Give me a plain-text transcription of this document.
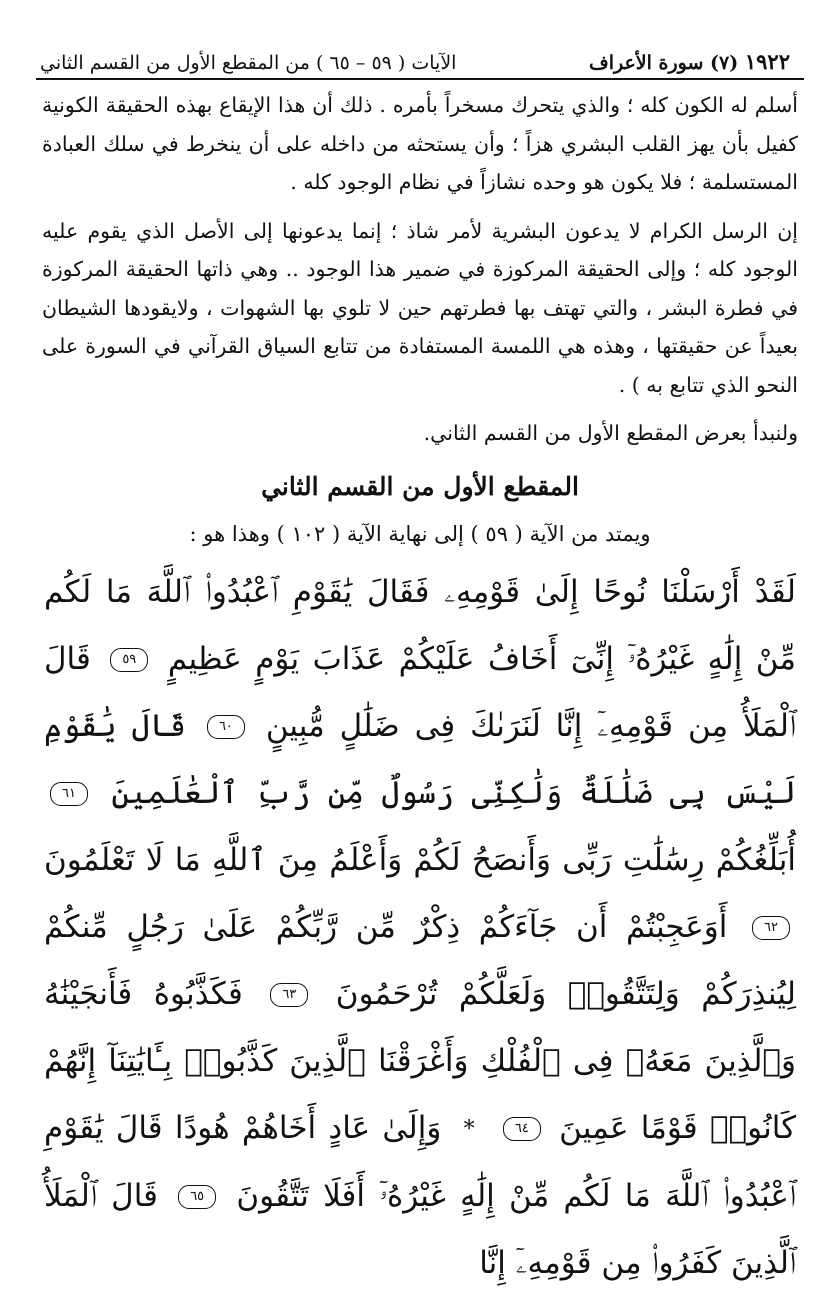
١٩٢٢ (٧) سورة الأعراف
الآيات ( ٥٩ – ٦٥ ) من المقطع الأول من القسم الثاني

أسلم له الكون كله ؛ والذي يتحرك مسخراً بأمره . ذلك أن هذا الإيقاع بهذه الحقيقة الكونية كفيل بأن يهز القلب البشري هزاً ؛ وأن يستحثه من داخله على أن ينخرط في سلك العبادة المستسلمة ؛ فلا يكون هو وحده نشازاً في نظام الوجود كله .

إن الرسل الكرام لا يدعون البشرية لأمر شاذ ؛ إنما يدعونها إلى الأصل الذي يقوم عليه الوجود كله ؛ وإلى الحقيقة المركوزة في ضمير هذا الوجود .. وهي ذاتها الحقيقة المركوزة في فطرة البشر ، والتي تهتف بها فطرتهم حين لا تلوي بها الشهوات ، ولايقودها الشيطان بعيداً عن حقيقتها ، وهذه هي اللمسة المستفادة من تتابع السياق القرآني في السورة على النحو الذي تتابع به ) .

ولنبدأ بعرض المقطع الأول من القسم الثاني.

المقطع الأول من القسم الثاني
ويمتد من الآية ( ٥٩ ) إلى نهاية الآية ( ١٠٢ ) وهذا هو :
لَقَدْ أَرْسَلْنَا نُوحًا إِلَىٰ قَوْمِهِۦ فَقَالَ يَٰقَوْمِ ٱعْبُدُوا۟ ٱللَّهَ مَا لَكُم مِّنْ إِلَٰهٍ غَيْرُهُۥٓ إِنِّىٓ أَخَافُ عَلَيْكُمْ عَذَابَ يَوْمٍ عَظِيمٍ ٥٩ قَالَ ٱلْمَلَأُ مِن قَوْمِهِۦٓ إِنَّا لَنَرَىٰكَ فِى ضَلَٰلٍ مُّبِينٍ ٦٠ قَالَ يَٰقَوْمِ لَيْسَ بِى ضَلَٰلَةٌ وَلَٰكِنِّى رَسُولٌ مِّن رَّبِّ ٱلْعَٰلَمِينَ ٦١ أُبَلِّغُكُمْ رِسَٰلَٰتِ رَبِّى وَأَنصَحُ لَكُمْ وَأَعْلَمُ مِنَ ٱللَّهِ مَا لَا تَعْلَمُونَ ٦٢ أَوَعَجِبْتُمْ أَن جَآءَكُمْ ذِكْرٌ مِّن رَّبِّكُمْ عَلَىٰ رَجُلٍ مِّنكُمْ لِيُنذِرَكُمْ وَلِتَتَّقُوا۟ وَلَعَلَّكُمْ تُرْحَمُونَ ٦٣ فَكَذَّبُوهُ فَأَنجَيْنَٰهُ وَٱلَّذِينَ مَعَهُۥ فِى ٱلْفُلْكِ وَأَغْرَقْنَا ٱلَّذِينَ كَذَّبُوا۟ بِـَٔايَٰتِنَآ إِنَّهُمْ كَانُوا۟ قَوْمًا عَمِينَ ٦٤ * وَإِلَىٰ عَادٍ أَخَاهُمْ هُودًا قَالَ يَٰقَوْمِ ٱعْبُدُوا۟ ٱللَّهَ مَا لَكُم مِّنْ إِلَٰهٍ غَيْرُهُۥٓ أَفَلَا تَتَّقُونَ ٦٥ قَالَ ٱلْمَلَأُ ٱلَّذِينَ كَفَرُوا۟ مِن قَوْمِهِۦٓ إِنَّا
